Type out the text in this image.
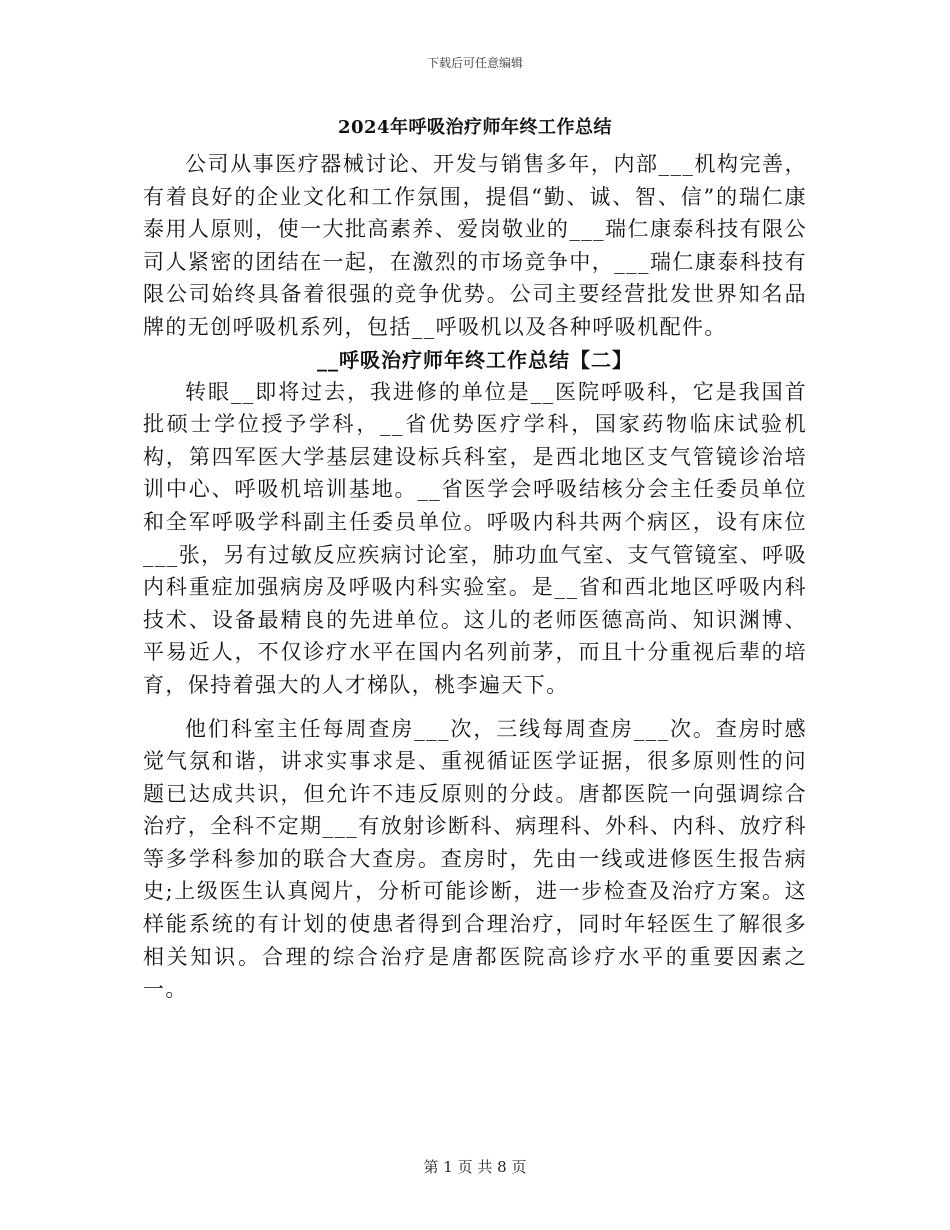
下载后可任意编辑
2024年呼吸治疗师年终工作总结

公司从事医疗器械讨论、开发与销售多年，内部___机构完善，有着良好的企业文化和工作氛围，提倡“勤、诚、智、信”的瑞仁康泰用人原则，使一大批高素养、爱岗敬业的___瑞仁康泰科技有限公司人紧密的团结在一起，在激烈的市场竞争中，___瑞仁康泰科技有限公司始终具备着很强的竞争优势。公司主要经营批发世界知名品牌的无创呼吸机系列，包括__呼吸机以及各种呼吸机配件。

__呼吸治疗师年终工作总结【二】

转眼__即将过去，我进修的单位是__医院呼吸科，它是我国首批硕士学位授予学科，__省优势医疗学科，国家药物临床试验机构，第四军医大学基层建设标兵科室，是西北地区支气管镜诊治培训中心、呼吸机培训基地。__省医学会呼吸结核分会主任委员单位和全军呼吸学科副主任委员单位。呼吸内科共两个病区，设有床位___张，另有过敏反应疾病讨论室，肺功血气室、支气管镜室、呼吸内科重症加强病房及呼吸内科实验室。是__省和西北地区呼吸内科技术、设备最精良的先进单位。这儿的老师医德高尚、知识渊博、平易近人，不仅诊疗水平在国内名列前茅，而且十分重视后辈的培育，保持着强大的人才梯队，桃李遍天下。

他们科室主任每周查房___次，三线每周查房___次。查房时感觉气氛和谐，讲求实事求是、重视循证医学证据，很多原则性的问题已达成共识，但允许不违反原则的分歧。唐都医院一向强调综合治疗，全科不定期___有放射诊断科、病理科、外科、内科、放疗科等多学科参加的联合大查房。查房时，先由一线或进修医生报告病史;上级医生认真阅片，分析可能诊断，进一步检查及治疗方案。这样能系统的有计划的使患者得到合理治疗，同时年轻医生了解很多相关知识。合理的综合治疗是唐都医院高诊疗水平的重要因素之一。

第 1 页 共 8 页
